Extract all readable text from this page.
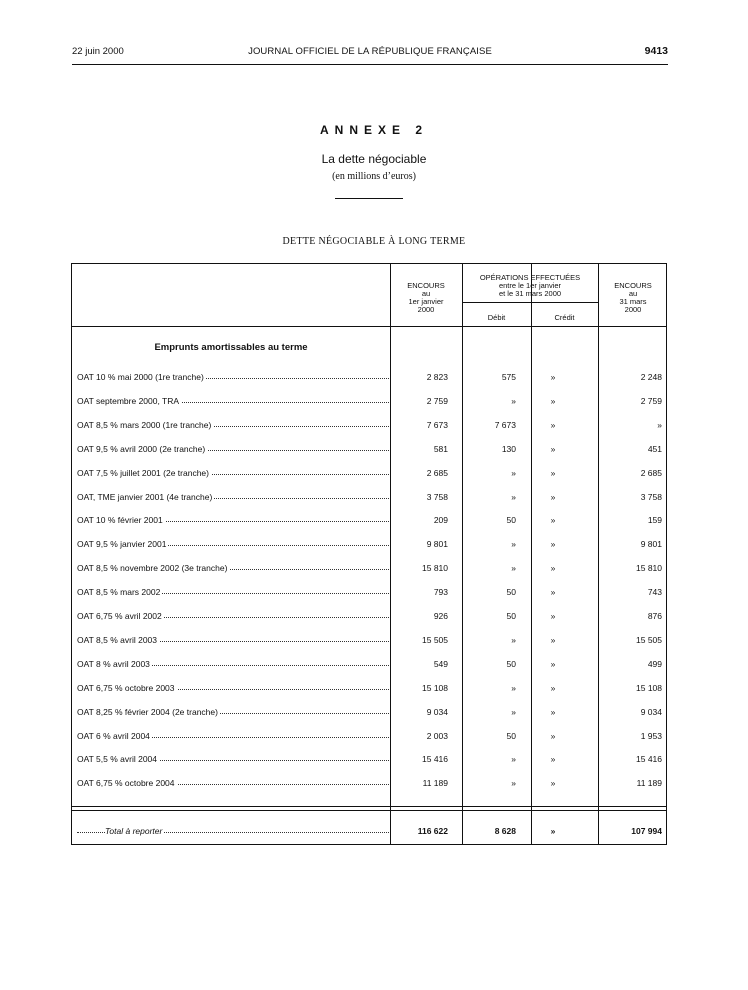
22 juin 2000	JOURNAL OFFICIEL DE LA RÉPUBLIQUE FRANÇAISE	9413
ANNEXE 2
La dette négociable
(en millions d’euros)
DETTE NÉGOCIABLE À LONG TERME
ENCOURS
au
1er janvier
2000
OPÉRATIONS EFFECTUÉES
entre le 1er janvier
et le 31 mars 2000
Débit	Crédit
ENCOURS
au
31 mars
2000
Emprunts amortissables au terme
OAT 10 % mai 2000 (1re tranche)	2 823	575	»	2 248
OAT septembre 2000, TRA	2 759	»	»	2 759
OAT 8,5 % mars 2000 (1re tranche)	7 673	7 673	»	»
OAT 9,5 % avril 2000 (2e tranche)	581	130	»	451
OAT 7,5 % juillet 2001 (2e tranche)	2 685	»	»	2 685
OAT, TME janvier 2001 (4e tranche)	3 758	»	»	3 758
OAT 10 % février 2001	209	50	»	159
OAT 9,5 % janvier 2001	9 801	»	»	9 801
OAT 8,5 % novembre 2002 (3e tranche)	15 810	»	»	15 810
OAT 8,5 % mars 2002	793	50	»	743
OAT 6,75 % avril 2002	926	50	»	876
OAT 8,5 % avril 2003	15 505	»	»	15 505
OAT 8 % avril 2003	549	50	»	499
OAT 6,75 % octobre 2003	15 108	»	»	15 108
OAT 8,25 % février 2004 (2e tranche)	9 034	»	»	9 034
OAT 6 % avril 2004	2 003	50	»	1 953
OAT 5,5 % avril 2004	15 416	»	»	15 416
OAT 6,75 % octobre 2004	11 189	»	»	11 189
Total à reporter	116 622	8 628	»	107 994
